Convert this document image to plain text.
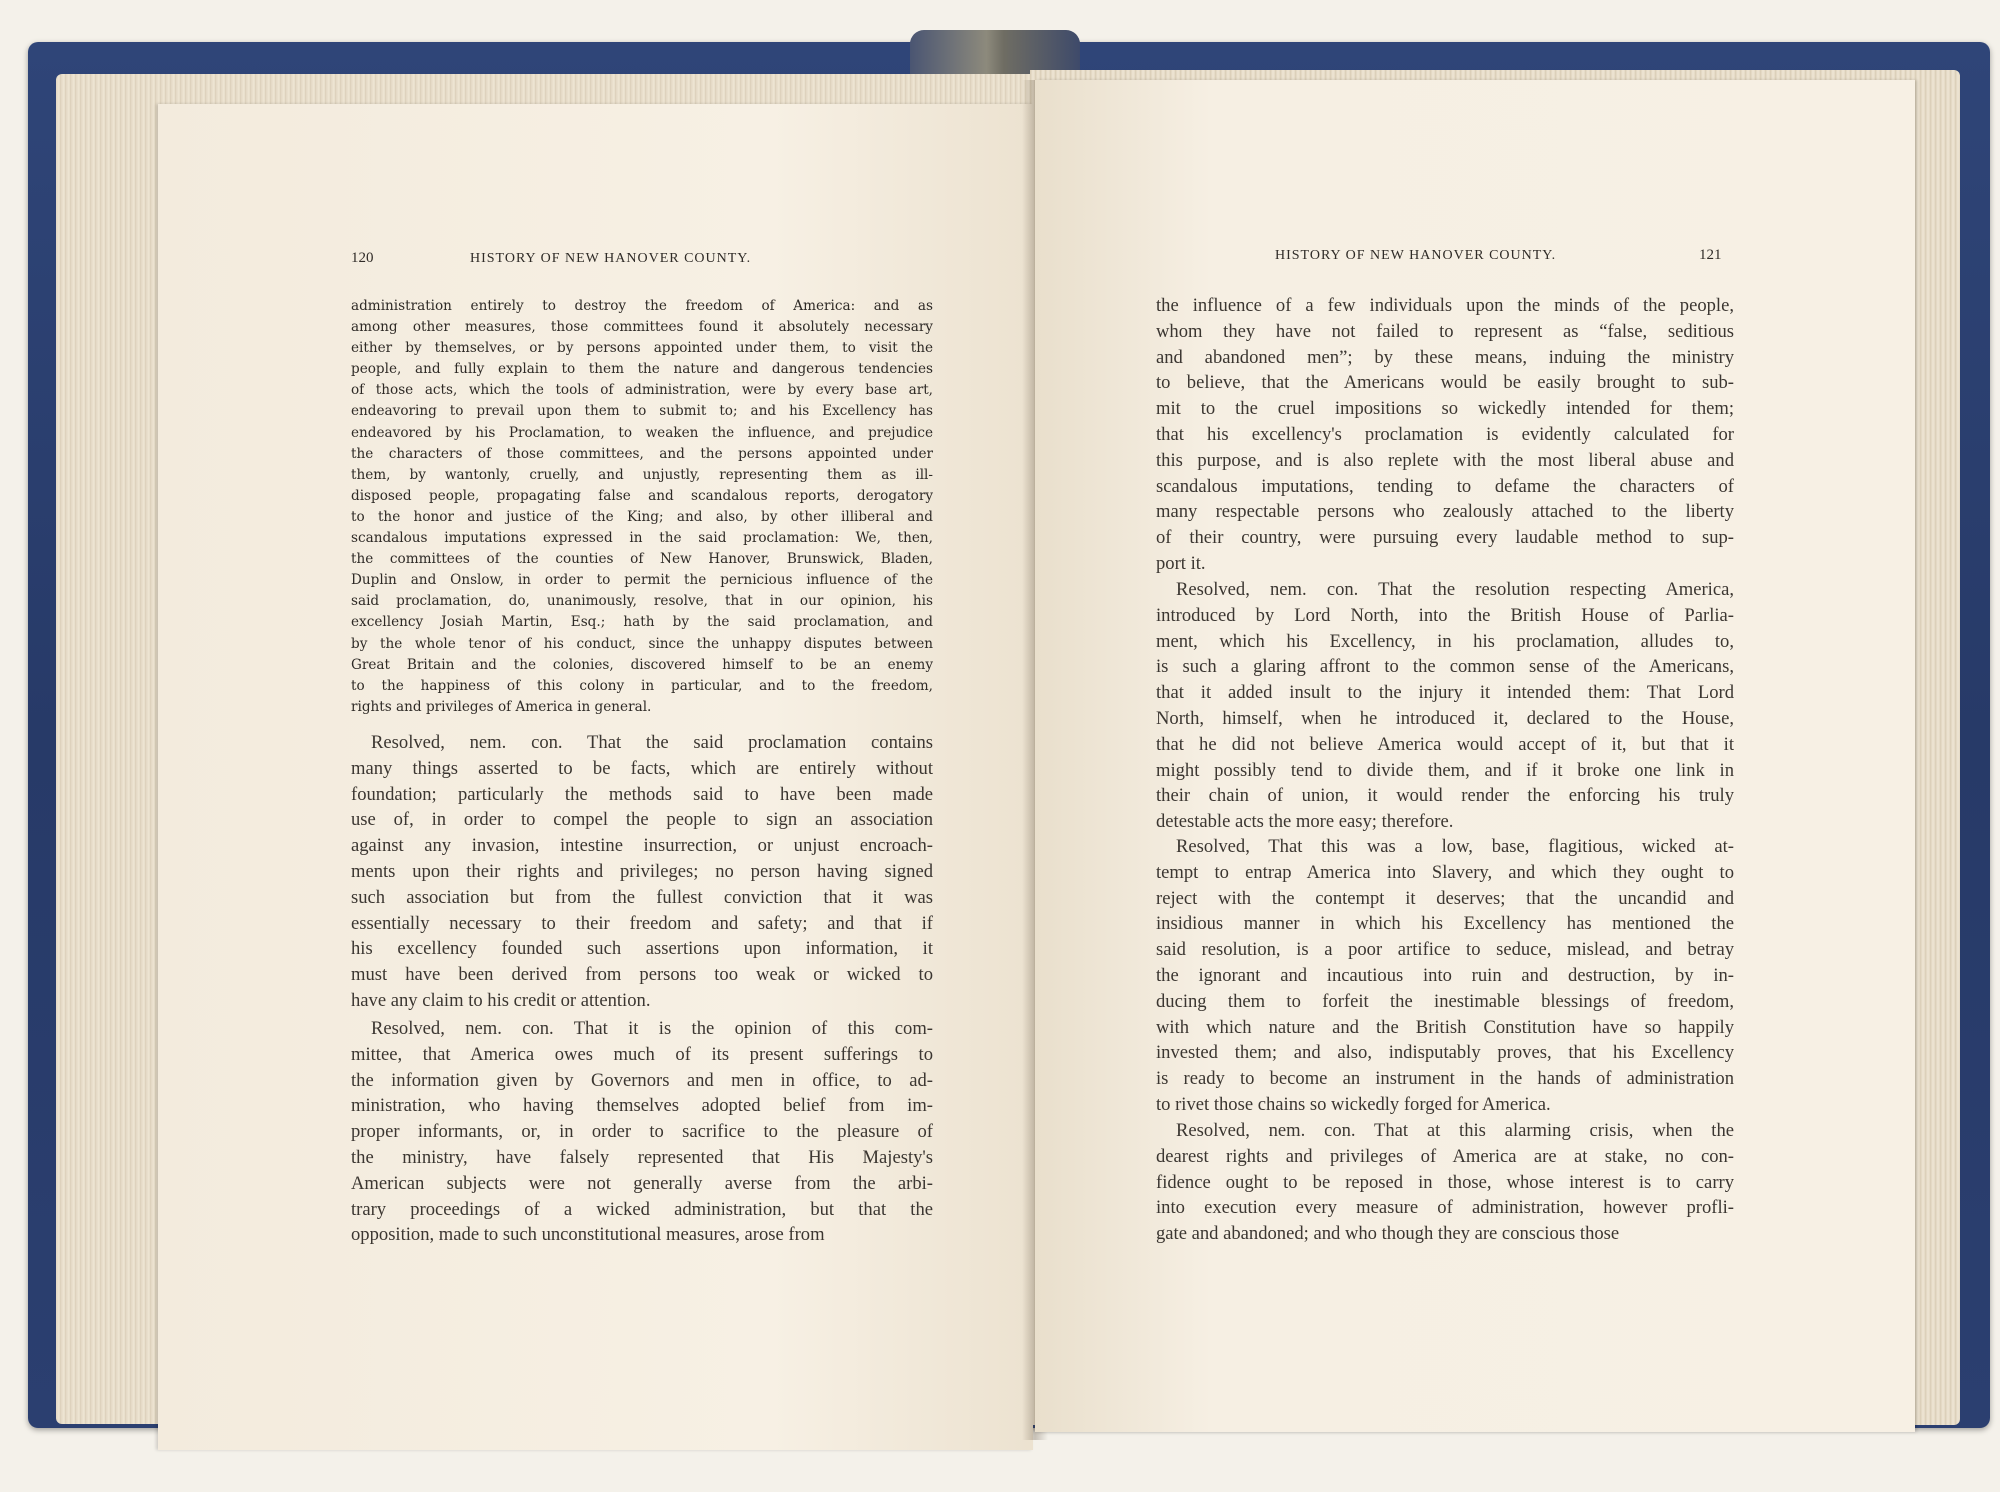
120	HISTORY OF NEW HANOVER COUNTY.
administration entirely to destroy the freedom of America: and as
among other measures, those committees found it absolutely necessary
either by themselves, or by persons appointed under them, to visit the
people, and fully explain to them the nature and dangerous tendencies
of those acts, which the tools of administration, were by every base art,
endeavoring to prevail upon them to submit to; and his Excellency has
endeavored by his Proclamation, to weaken the influence, and prejudice
the characters of those committees, and the persons appointed under
them, by wantonly, cruelly, and unjustly, representing them as ill-
disposed people, propagating false and scandalous reports, derogatory
to the honor and justice of the King; and also, by other illiberal and
scandalous imputations expressed in the said proclamation: We, then,
the committees of the counties of New Hanover, Brunswick, Bladen,
Duplin and Onslow, in order to permit the pernicious influence of the
said proclamation, do, unanimously, resolve, that in our opinion, his
excellency Josiah Martin, Esq.; hath by the said proclamation, and
by the whole tenor of his conduct, since the unhappy disputes between
Great Britain and the colonies, discovered himself to be an enemy
to the happiness of this colony in particular, and to the freedom,
rights and privileges of America in general.
Resolved, nem. con. That the said proclamation contains
many things asserted to be facts, which are entirely without
foundation; particularly the methods said to have been made
use of, in order to compel the people to sign an association
against any invasion, intestine insurrection, or unjust encroach-
ments upon their rights and privileges; no person having signed
such association but from the fullest conviction that it was
essentially necessary to their freedom and safety; and that if
his excellency founded such assertions upon information, it
must have been derived from persons too weak or wicked to
have any claim to his credit or attention.
Resolved, nem. con. That it is the opinion of this com-
mittee, that America owes much of its present sufferings to
the information given by Governors and men in office, to ad-
ministration, who having themselves adopted belief from im-
proper informants, or, in order to sacrifice to the pleasure of
the ministry, have falsely represented that His Majesty's
American subjects were not generally averse from the arbi-
trary proceedings of a wicked administration, but that the
opposition, made to such unconstitutional measures, arose from
HISTORY OF NEW HANOVER COUNTY.	121
the influence of a few individuals upon the minds of the people,
whom they have not failed to represent as “false, seditious
and abandoned men”; by these means, induing the ministry
to believe, that the Americans would be easily brought to sub-
mit to the cruel impositions so wickedly intended for them;
that his excellency's proclamation is evidently calculated for
this purpose, and is also replete with the most liberal abuse and
scandalous imputations, tending to defame the characters of
many respectable persons who zealously attached to the liberty
of their country, were pursuing every laudable method to sup-
port it.
Resolved, nem. con. That the resolution respecting America,
introduced by Lord North, into the British House of Parlia-
ment, which his Excellency, in his proclamation, alludes to,
is such a glaring affront to the common sense of the Americans,
that it added insult to the injury it intended them: That Lord
North, himself, when he introduced it, declared to the House,
that he did not believe America would accept of it, but that it
might possibly tend to divide them, and if it broke one link in
their chain of union, it would render the enforcing his truly
detestable acts the more easy; therefore.
Resolved, That this was a low, base, flagitious, wicked at-
tempt to entrap America into Slavery, and which they ought to
reject with the contempt it deserves; that the uncandid and
insidious manner in which his Excellency has mentioned the
said resolution, is a poor artifice to seduce, mislead, and betray
the ignorant and incautious into ruin and destruction, by in-
ducing them to forfeit the inestimable blessings of freedom,
with which nature and the British Constitution have so happily
invested them; and also, indisputably proves, that his Excellency
is ready to become an instrument in the hands of administration
to rivet those chains so wickedly forged for America.
Resolved, nem. con. That at this alarming crisis, when the
dearest rights and privileges of America are at stake, no con-
fidence ought to be reposed in those, whose interest is to carry
into execution every measure of administration, however profli-
gate and abandoned; and who though they are conscious those
